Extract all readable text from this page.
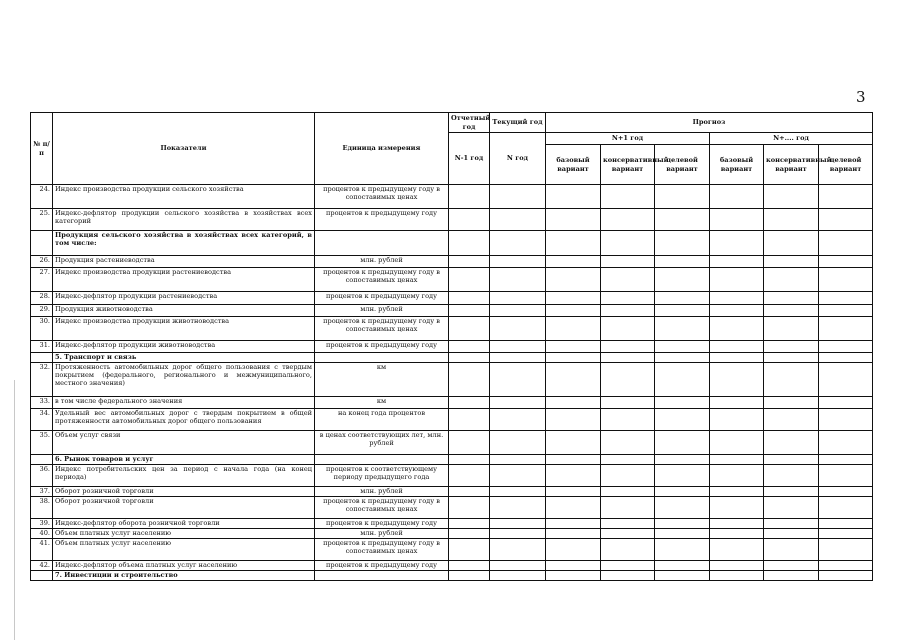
3
№ п/п	Показатели	Единица измерения	Отчетный год	Текущий год	Прогноз					
			N-1 год	N год	N+1 год			N+.... год		
					базовый вариант	консервативный вариант	целевой вариант	базовый вариант	консервативный вариант	целевой вариант
24.	Индекс производства продукции сельского хозяйства	процентов к предыдущему году в сопоставимых ценах								
25.	Индекс-дефлятор продукции сельского хозяйства в хозяйствах всех категорий	процентов к предыдущему году								
	Продукция сельского хозяйства в хозяйствах всех категорий, в том числе:									
26.	Продукция растениеводства	млн. рублей								
27.	Индекс производства продукции растениеводства	процентов к предыдущему году в сопоставимых ценах								
28.	Индекс-дефлятор продукции растениеводства	процентов к предыдущему году								
29.	Продукция животноводства	млн. рублей								
30.	Индекс производства продукции животноводства	процентов к предыдущему году в сопоставимых ценах								
31.	Индекс-дефлятор продукции животноводства	процентов к предыдущему году								
	5. Транспорт и связь									
32.	Протяженность автомобильных дорог общего пользования с твердым покрытием (федерального, регионального и межмуниципального, местного значения)	км								
33.	в том числе федерального значения	км								
34.	Удельный вес автомобильных дорог с твердым покрытием в общей протяженности автомобильных дорог общего пользования	на конец года процентов								
35.	Объем услуг связи	в ценах соответствующих лет, млн. рублей								
	6. Рынок товаров и услуг									
36.	Индекс потребительских цен за период с начала года (на конец периода)	процентов к соответствующему периоду предыдущего года								
37.	Оборот розничной торговли	млн. рублей								
38.	Оборот розничной торговли	процентов к предыдущему году в сопоставимых ценах								
39.	Индекс-дефлятор оборота розничной торговли	процентов к предыдущему году								
40.	Объем платных услуг населению	млн. рублей								
41.	Объем платных услуг населению	процентов к предыдущему году в сопоставимых ценах								
42.	Индекс-дефлятор объема платных услуг населению	процентов к предыдущему году								
	7. Инвестиции и строительство									
